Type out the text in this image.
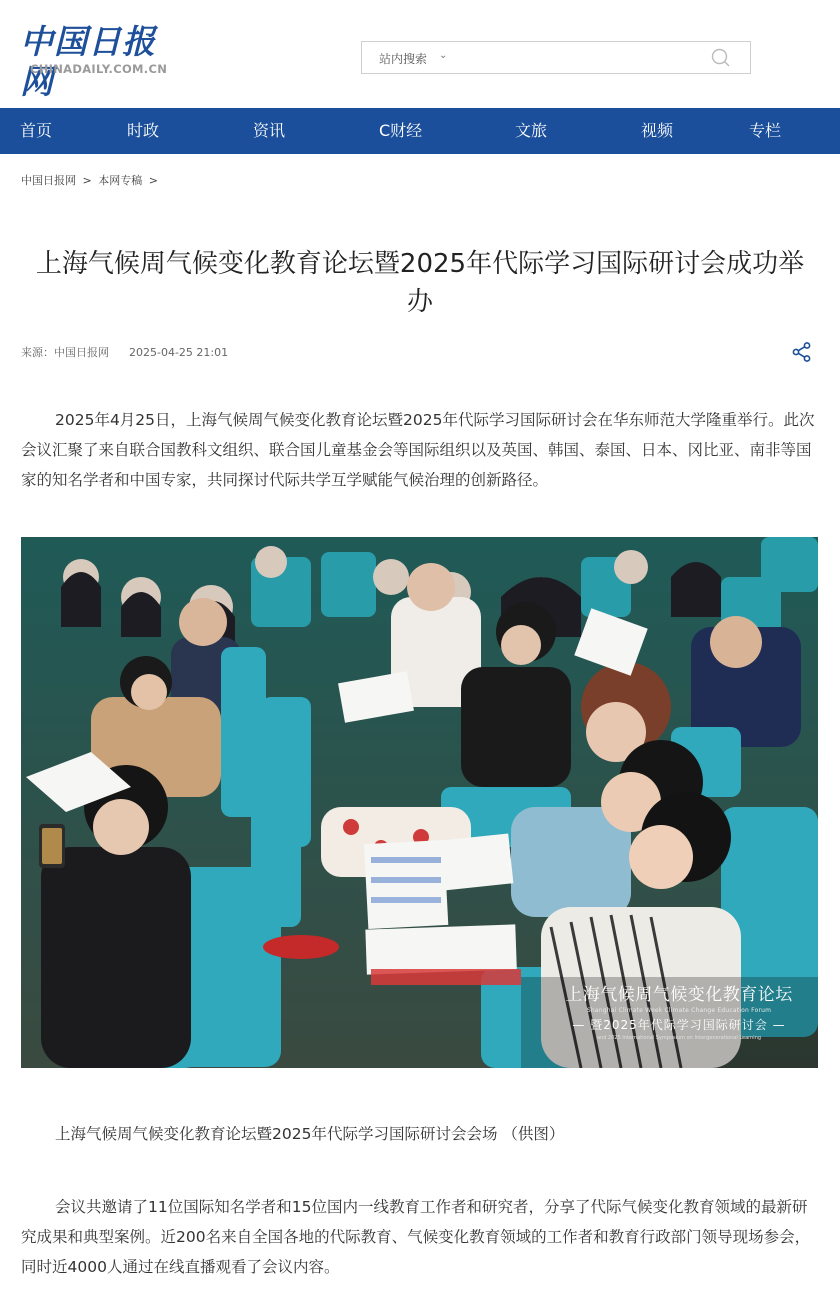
中国日报网
CHINADAILY.COM.CN
站内搜索 ⌄
首页	时政	资讯	C财经	文旅	视频	专栏
中国日报网 > 本网专稿 >
上海气候周气候变化教育论坛暨2025年代际学习国际研讨会成功举办
来源：中国日报网 2025-04-25 21:01

2025年4月25日，上海气候周气候变化教育论坛暨2025年代际学习国际研讨会在华东师范大学隆重举行。此次会议汇聚了来自联合国教科文组织、联合国儿童基金会等国际组织以及英国、韩国、泰国、日本、冈比亚、南非等国家的知名学者和中国专家，共同探讨代际共学互学赋能气候治理的创新路径。

上海气候周气候变化教育论坛
Shanghai Climate Week Climate Change Education Forum
— 暨2025年代际学习国际研讨会 —
and 2025 International Symposium on Intergenerational Learning

上海气候周气候变化教育论坛暨2025年代际学习国际研讨会会场 （供图）

会议共邀请了11位国际知名学者和15位国内一线教育工作者和研究者，分享了代际气候变化教育领域的最新研究成果和典型案例。近200名来自全国各地的代际教育、气候变化教育领域的工作者和教育行政部门领导现场参会，同时近4000人通过在线直播观看了会议内容。
